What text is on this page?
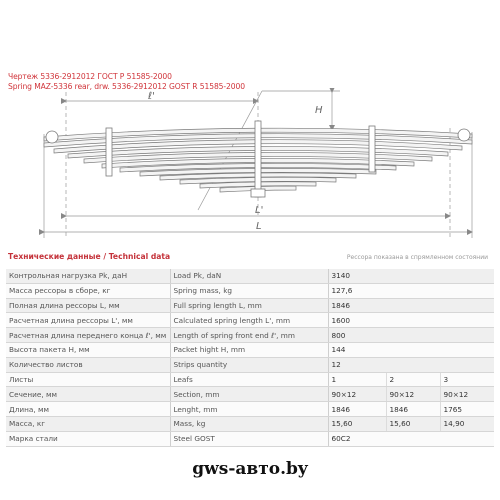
Чертеж 5336-2912012 ГОСТ Р 51585-2000
Spring MAZ-5336 rear, drw. 5336-2912012 GOST R 51585-2000
ℓ'
H
L'
L
Технические данные / Technical data	Рессора показана в спрямленном состоянии
Контрольная нагрузка Pk, даН	Load Pk, daN	3140		
Масса рессоры в сборе, кг	Spring mass, kg	127,6		
Полная длина рессоры L, мм	Full spring length L, mm	1846		
Расчетная длина рессоры L', мм	Calculated spring length L', mm	1600		
Расчетная длина переднего конца ℓ', мм	Length of spring front end ℓ', mm	800		
Высота пакета H, мм	Packet hight H, mm	144		
Количество листов	Strips quantity	12		
Листы	Leafs	1	2	3
Сечение, мм	Section, mm	90×12	90×12	90×12
Длина, мм	Lenght, mm	1846	1846	1765
Масса, кг	Mass, kg	15,60	15,60	14,90
Марка стали	Steel GOST	60С2		
gws-авто.by
